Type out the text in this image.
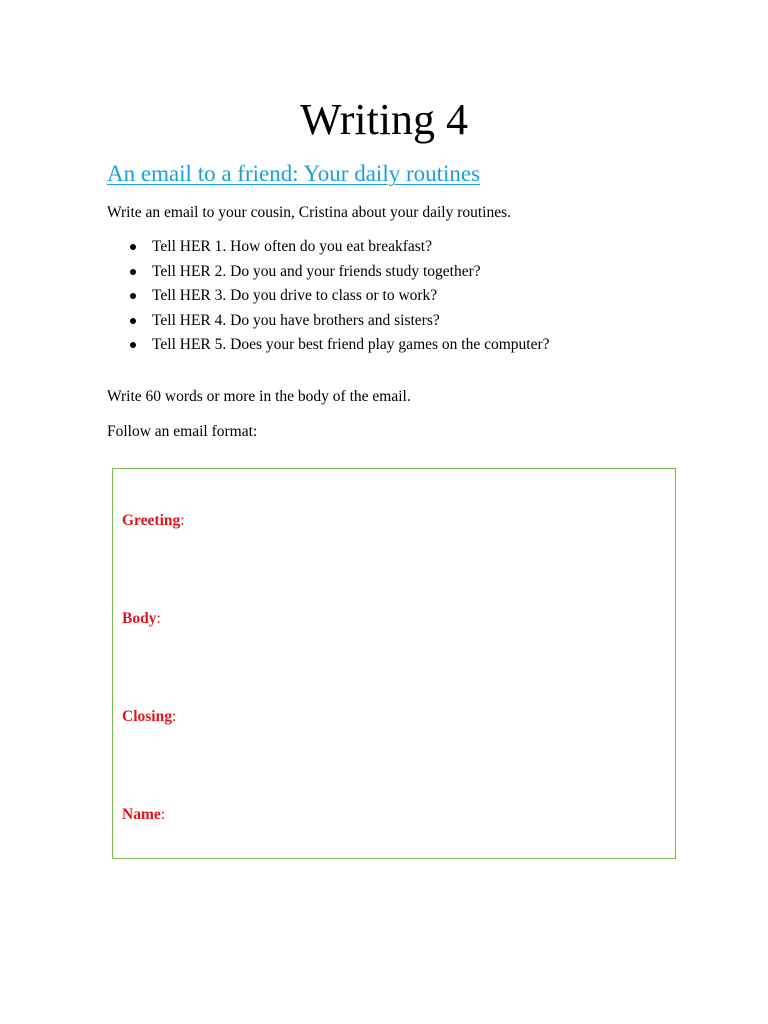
Writing 4
An email to a friend: Your daily routines

Write an email to your cousin, Cristina about your daily routines.

Tell HER 1. How often do you eat breakfast?
Tell HER 2. Do you and your friends study together?
Tell HER 3. Do you drive to class or to work?
Tell HER 4. Do you have brothers and sisters?
Tell HER 5. Does your best friend play games on the computer?

Write 60 words or more in the body of the email.

Follow an email format:

Greeting:

Body:

Closing:

Name:
